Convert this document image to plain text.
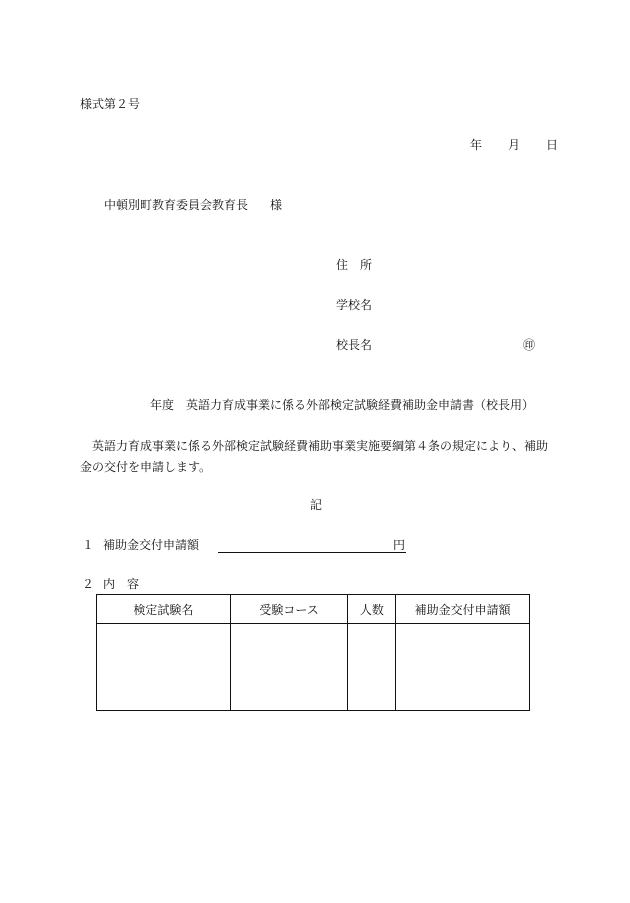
様式第２号
年 月 日
中頓別町教育委員会教育長 様
住　所
学校名
校長名	㊞
年度　英語力育成事業に係る外部検定試験経費補助金申請書（校長用）
英語力育成事業に係る外部検定試験経費補助事業実施要綱第４条の規定により、補助金の交付を申請します。
記
１ 補助金交付申請額	円
２ 内容
検定試験名	受験コース	人数	補助金交付申請額
